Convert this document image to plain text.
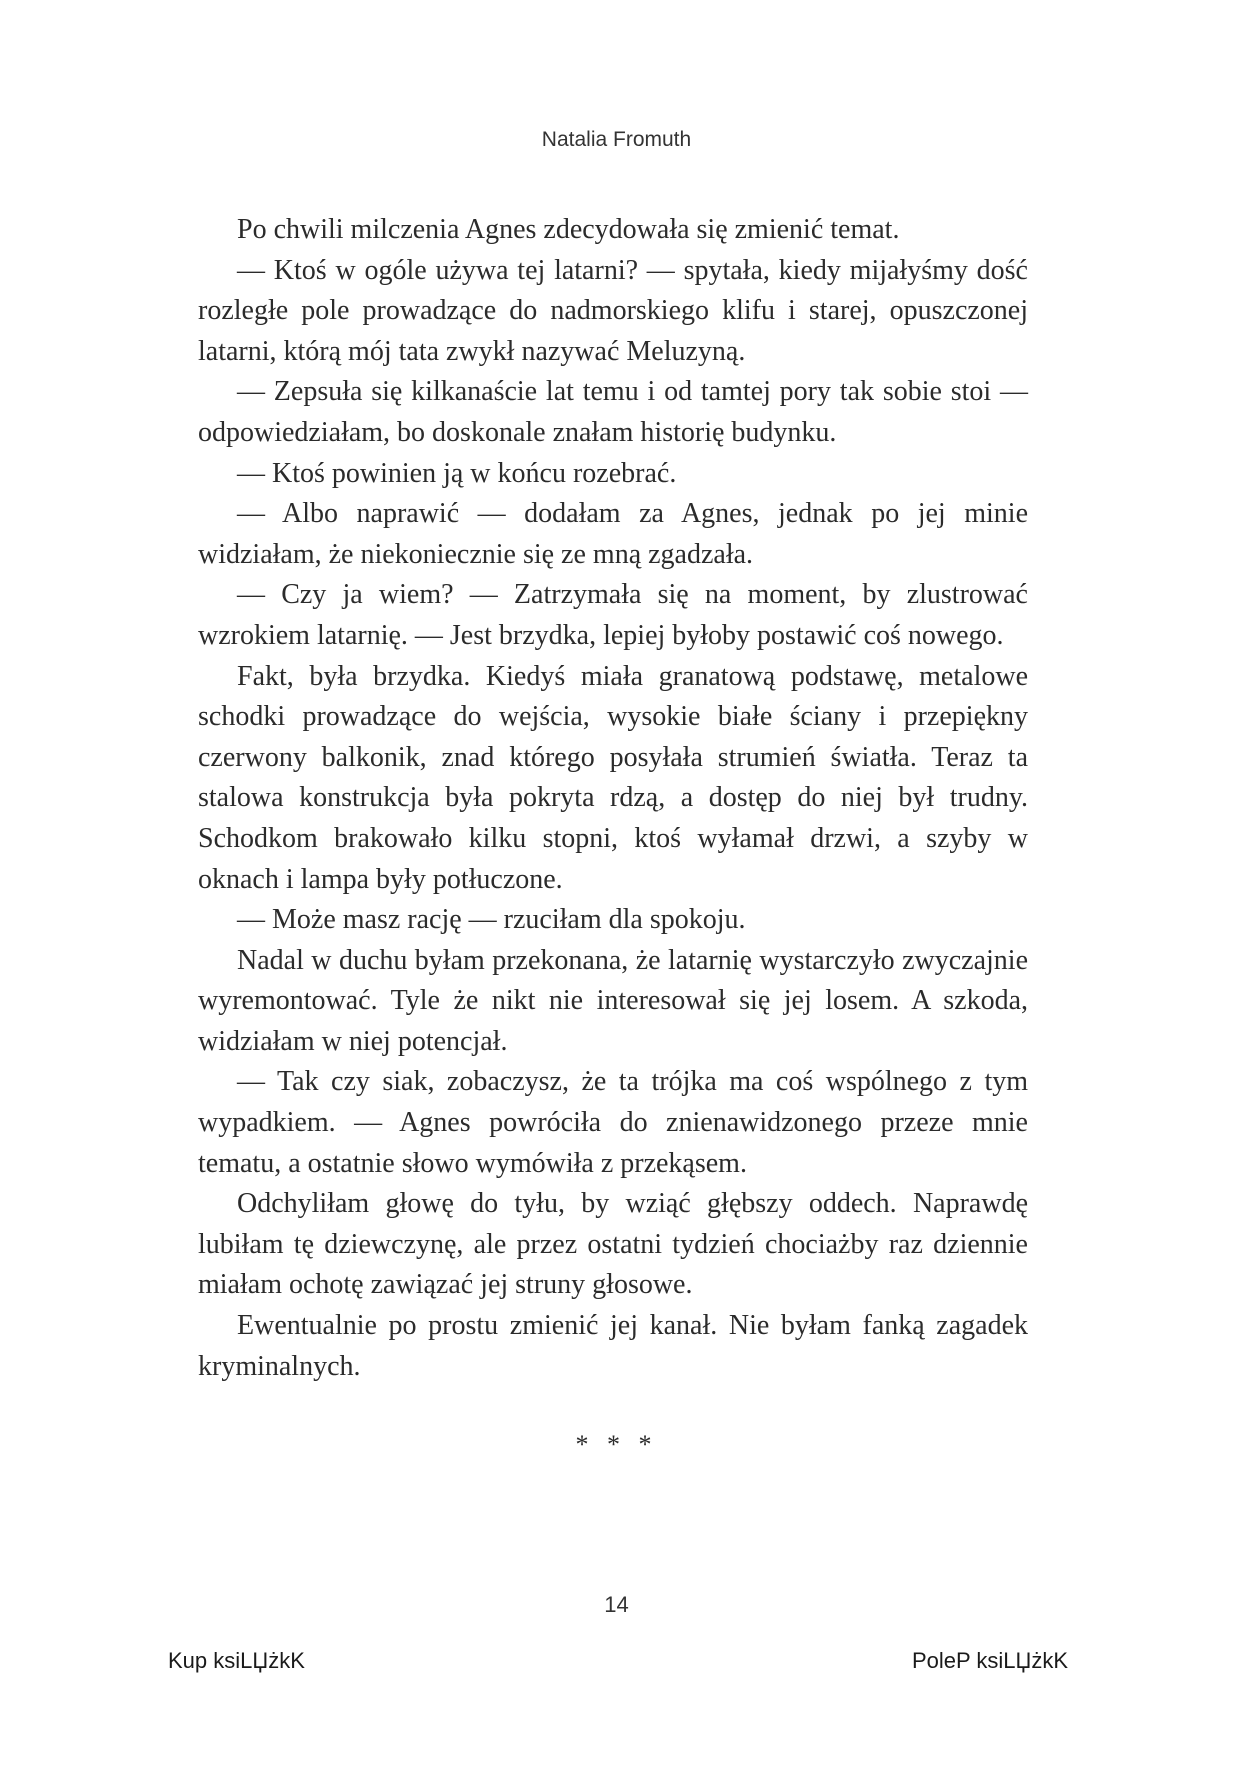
Natalia Fromuth

Po chwili milczenia Agnes zdecydowała się zmienić temat.

— Ktoś w ogóle używa tej latarni? — spytała, kiedy mijałyśmy dość rozległe pole prowadzące do nadmorskiego klifu i starej, opuszczonej latarni, którą mój tata zwykł nazywać Meluzyną.

— Zepsuła się kilkanaście lat temu i od tamtej pory tak sobie stoi — odpowiedziałam, bo doskonale znałam historię budynku.

— Ktoś powinien ją w końcu rozebrać.

— Albo naprawić — dodałam za Agnes, jednak po jej minie widziałam, że niekoniecznie się ze mną zgadzała.

— Czy ja wiem? — Zatrzymała się na moment, by zlustrować wzrokiem latarnię. — Jest brzydka, lepiej byłoby postawić coś nowego.

Fakt, była brzydka. Kiedyś miała granatową podstawę, metalowe schodki prowadzące do wejścia, wysokie białe ściany i przepiękny czerwony balkonik, znad którego posyłała strumień światła. Teraz ta stalowa konstrukcja była pokryta rdzą, a dostęp do niej był trudny. Schodkom brakowało kilku stopni, ktoś wyłamał drzwi, a szyby w oknach i lampa były potłuczone.

— Może masz rację — rzuciłam dla spokoju.

Nadal w duchu byłam przekonana, że latarnię wystarczyło zwyczajnie wyremontować. Tyle że nikt nie interesował się jej losem. A szkoda, widziałam w niej potencjał.

— Tak czy siak, zobaczysz, że ta trójka ma coś wspólnego z tym wypadkiem. — Agnes powróciła do znienawidzonego przeze mnie tematu, a ostatnie słowo wymówiła z przekąsem.

Odchyliłam głowę do tyłu, by wziąć głębszy oddech. Naprawdę lubiłam tę dziewczynę, ale przez ostatni tydzień chociażby raz dziennie miałam ochotę zawiązać jej struny głosowe.

Ewentualnie po prostu zmienić jej kanał. Nie byłam fanką zagadek kryminalnych.

* * *
14
Kup ksiLЏżkK	PoleP ksiLЏżkK
